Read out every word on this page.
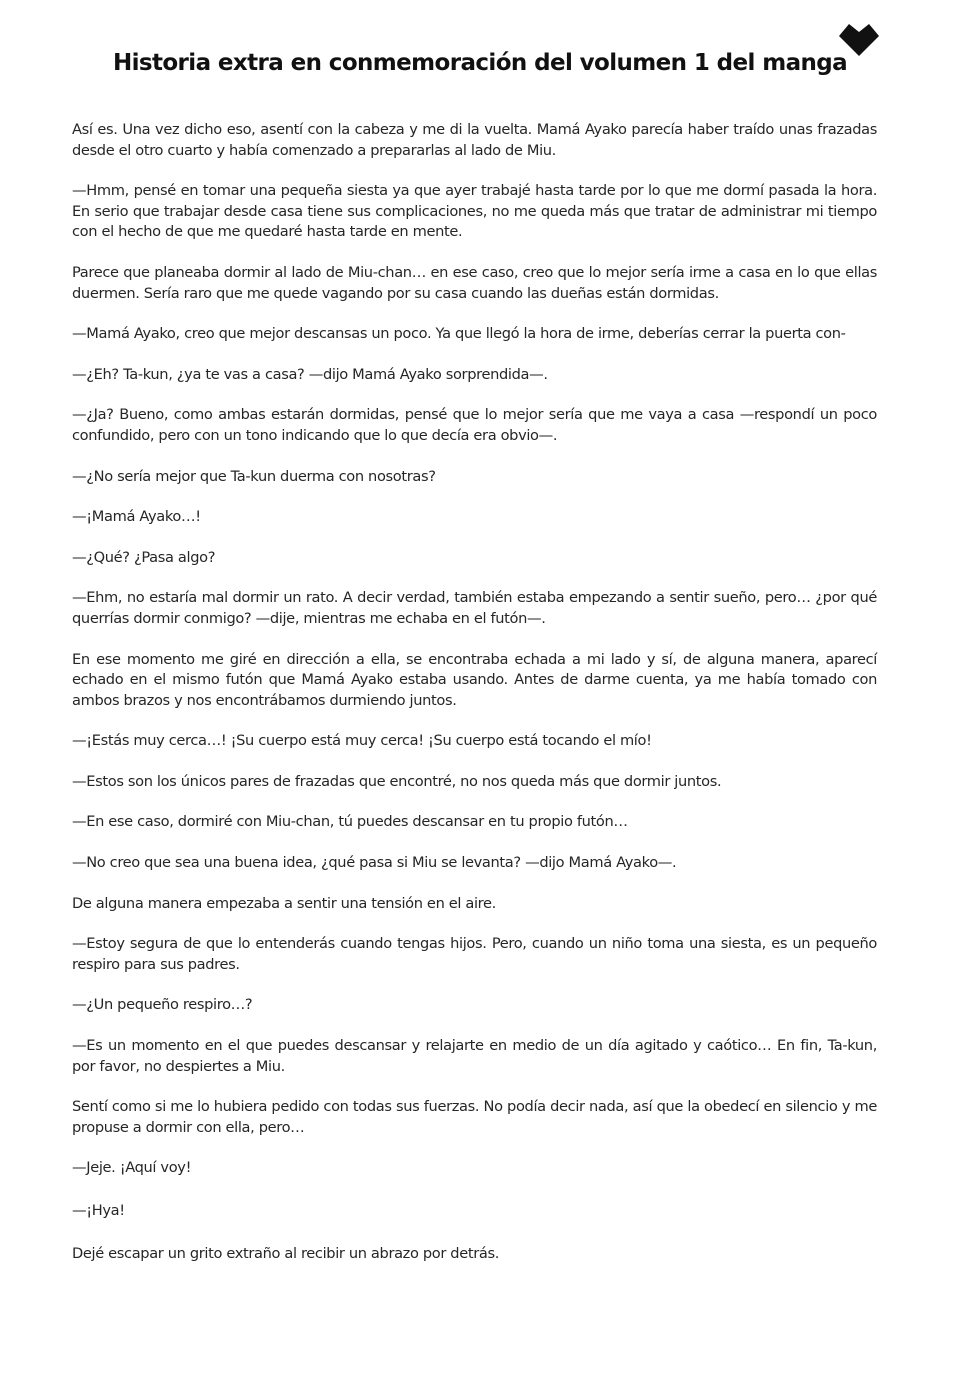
Historia extra en conmemoración del volumen 1 del manga

Así es. Una vez dicho eso, asentí con la cabeza y me di la vuelta. Mamá Ayako parecía haber traído unas frazadas desde el otro cuarto y había comenzado a prepararlas al lado de Miu.

—Hmm, pensé en tomar una pequeña siesta ya que ayer trabajé hasta tarde por lo que me dormí pasada la hora. En serio que trabajar desde casa tiene sus complicaciones, no me queda más que tratar de administrar mi tiempo con el hecho de que me quedaré hasta tarde en mente.

Parece que planeaba dormir al lado de Miu-chan… en ese caso, creo que lo mejor sería irme a casa en lo que ellas duermen. Sería raro que me quede vagando por su casa cuando las dueñas están dormidas.

—Mamá Ayako, creo que mejor descansas un poco. Ya que llegó la hora de irme, deberías cerrar la puerta con-

—¿Eh? Ta-kun, ¿ya te vas a casa? —dijo Mamá Ayako sorprendida—.

—¿Ja? Bueno, como ambas estarán dormidas, pensé que lo mejor sería que me vaya a casa —respondí un poco confundido, pero con un tono indicando que lo que decía era obvio—.

—¿No sería mejor que Ta-kun duerma con nosotras?

—¡Mamá Ayako…!

—¿Qué? ¿Pasa algo?

—Ehm, no estaría mal dormir un rato. A decir verdad, también estaba empezando a sentir sueño, pero… ¿por qué querrías dormir conmigo? —dije, mientras me echaba en el futón—.

En ese momento me giré en dirección a ella, se encontraba echada a mi lado y sí, de alguna manera, aparecí echado en el mismo futón que Mamá Ayako estaba usando. Antes de darme cuenta, ya me había tomado con ambos brazos y nos encontrábamos durmiendo juntos.

—¡Estás muy cerca…! ¡Su cuerpo está muy cerca! ¡Su cuerpo está tocando el mío!

—Estos son los únicos pares de frazadas que encontré, no nos queda más que dormir juntos.

—En ese caso, dormiré con Miu-chan, tú puedes descansar en tu propio futón…

—No creo que sea una buena idea, ¿qué pasa si Miu se levanta? —dijo Mamá Ayako—.

De alguna manera empezaba a sentir una tensión en el aire.

—Estoy segura de que lo entenderás cuando tengas hijos. Pero, cuando un niño toma una siesta, es un pequeño respiro para sus padres.

—¿Un pequeño respiro…?

—Es un momento en el que puedes descansar y relajarte en medio de un día agitado y caótico… En fin, Ta-kun, por favor, no despiertes a Miu.

Sentí como si me lo hubiera pedido con todas sus fuerzas. No podía decir nada, así que la obedecí en silencio y me propuse a dormir con ella, pero…

—Jeje. ¡Aquí voy!

—¡Hya!

Dejé escapar un grito extraño al recibir un abrazo por detrás.
